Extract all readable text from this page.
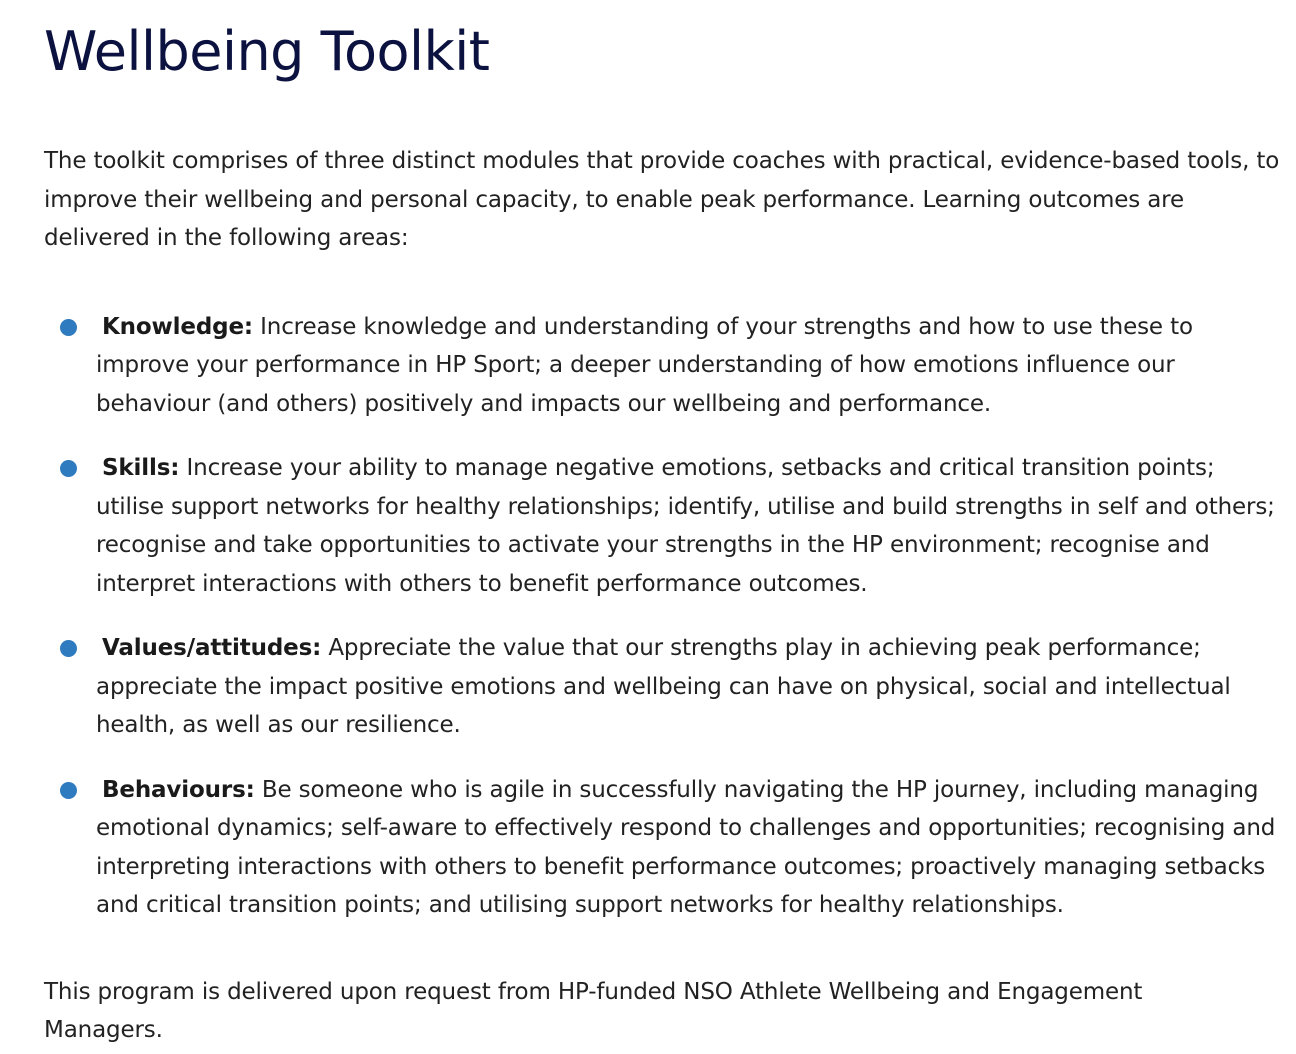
Wellbeing Toolkit

The toolkit comprises of three distinct modules that provide coaches with practical, evidence-based tools, to improve their wellbeing and personal capacity, to enable peak performance. Learning outcomes are delivered in the following areas:

Knowledge: Increase knowledge and understanding of your strengths and how to use these to improve your performance in HP Sport; a deeper understanding of how emotions influence our behaviour (and others) positively and impacts our wellbeing and performance.
Skills: Increase your ability to manage negative emotions, setbacks and critical transition points; utilise support networks for healthy relationships; identify, utilise and build strengths in self and others; recognise and take opportunities to activate your strengths in the HP environment; recognise and interpret interactions with others to benefit performance outcomes.
Values/attitudes: Appreciate the value that our strengths play in achieving peak performance; appreciate the impact positive emotions and wellbeing can have on physical, social and intellectual health, as well as our resilience.
Behaviours: Be someone who is agile in successfully navigating the HP journey, including managing emotional dynamics; self-aware to effectively respond to challenges and opportunities; recognising and interpreting interactions with others to benefit performance outcomes; proactively managing setbacks and critical transition points; and utilising support networks for healthy relationships.

This program is delivered upon request from HP-funded NSO Athlete Wellbeing and Engagement Managers.
